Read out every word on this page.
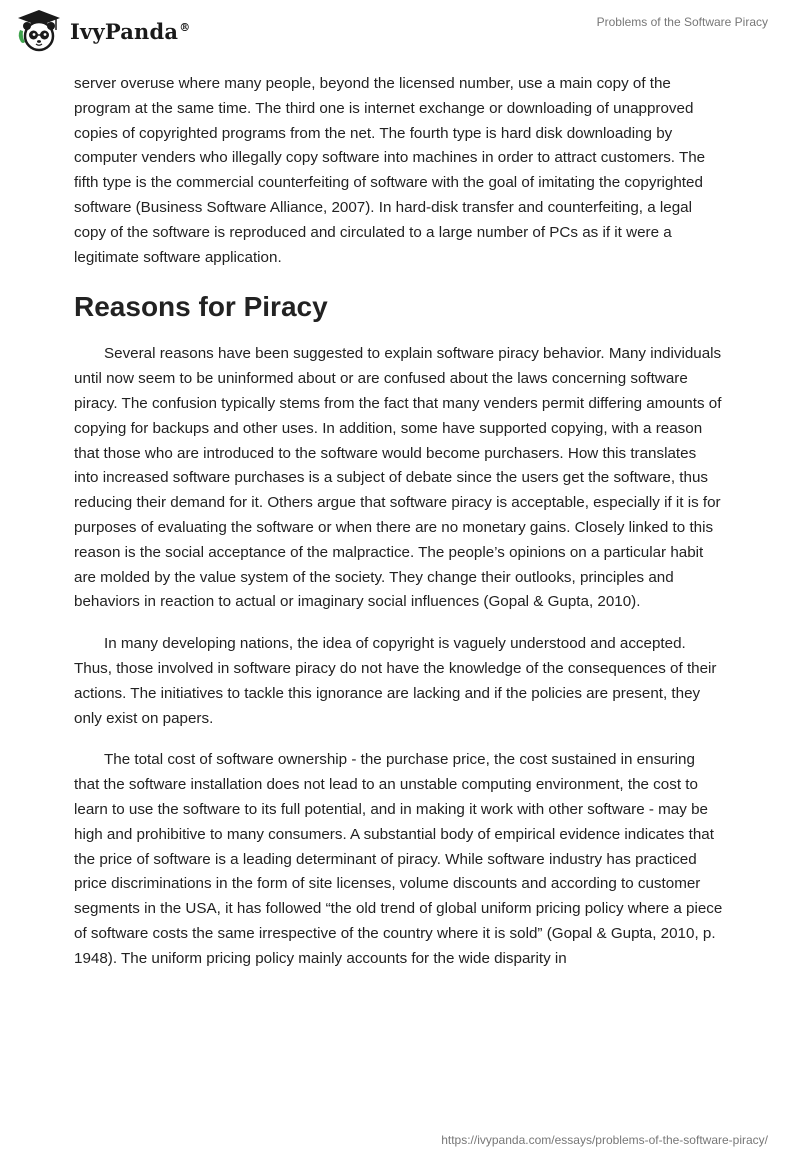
IvyPanda®	Problems of the Software Piracy

server overuse where many people, beyond the licensed number, use a main copy of the program at the same time. The third one is internet exchange or downloading of unapproved copies of copyrighted programs from the net. The fourth type is hard disk downloading by computer venders who illegally copy software into machines in order to attract customers. The fifth type is the commercial counterfeiting of software with the goal of imitating the copyrighted software (Business Software Alliance, 2007). In hard-disk transfer and counterfeiting, a legal copy of the software is reproduced and circulated to a large number of PCs as if it were a legitimate software application.

Reasons for Piracy

Several reasons have been suggested to explain software piracy behavior. Many individuals until now seem to be uninformed about or are confused about the laws concerning software piracy. The confusion typically stems from the fact that many venders permit differing amounts of copying for backups and other uses. In addition, some have supported copying, with a reason that those who are introduced to the software would become purchasers. How this translates into increased software purchases is a subject of debate since the users get the software, thus reducing their demand for it. Others argue that software piracy is acceptable, especially if it is for purposes of evaluating the software or when there are no monetary gains. Closely linked to this reason is the social acceptance of the malpractice. The people’s opinions on a particular habit are molded by the value system of the society. They change their outlooks, principles and behaviors in reaction to actual or imaginary social influences (Gopal & Gupta, 2010).

In many developing nations, the idea of copyright is vaguely understood and accepted. Thus, those involved in software piracy do not have the knowledge of the consequences of their actions. The initiatives to tackle this ignorance are lacking and if the policies are present, they only exist on papers.

The total cost of software ownership - the purchase price, the cost sustained in ensuring that the software installation does not lead to an unstable computing environment, the cost to learn to use the software to its full potential, and in making it work with other software - may be high and prohibitive to many consumers. A substantial body of empirical evidence indicates that the price of software is a leading determinant of piracy. While software industry has practiced price discriminations in the form of site licenses, volume discounts and according to customer segments in the USA, it has followed “the old trend of global uniform pricing policy where a piece of software costs the same irrespective of the country where it is sold” (Gopal & Gupta, 2010, p. 1948). The uniform pricing policy mainly accounts for the wide disparity in

https://ivypanda.com/essays/problems-of-the-software-piracy/
